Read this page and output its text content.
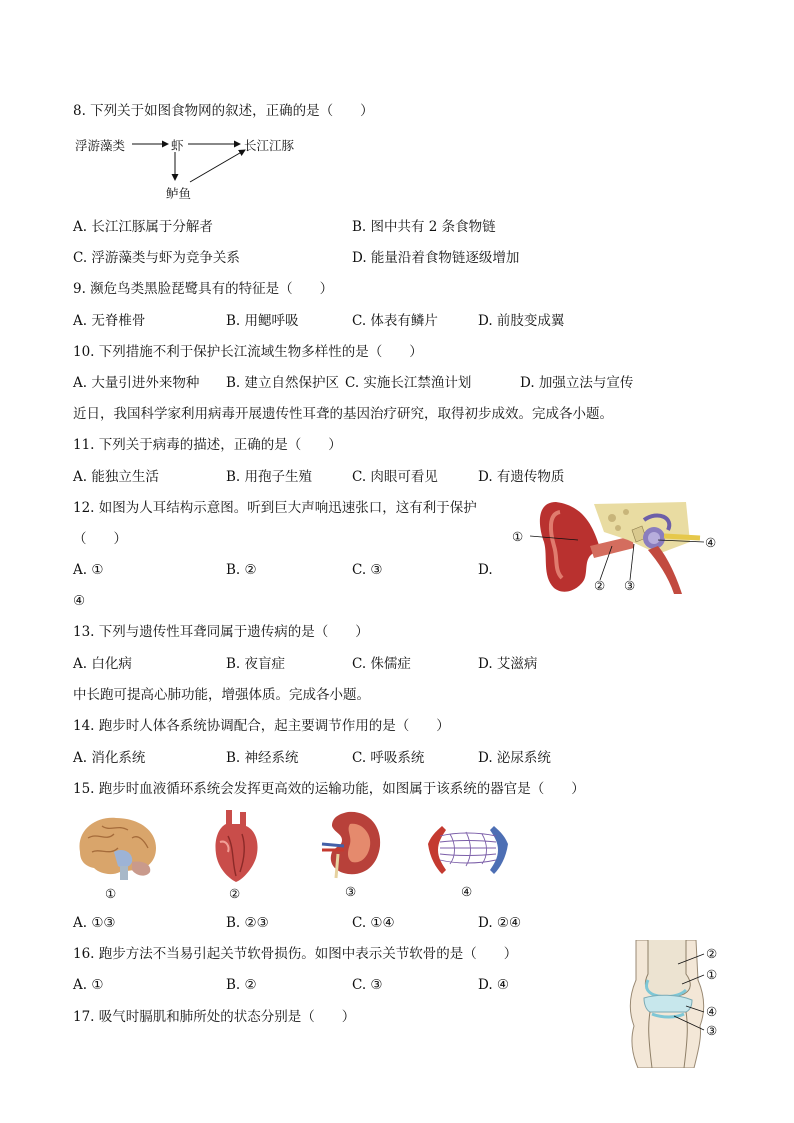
8. 下列关于如图食物网的叙述，正确的是（　　）
浮游藻类	虾	长江江豚
鲈鱼
A. 长江江豚属于分解者	B. 图中共有 2 条食物链
C. 浮游藻类与虾为竞争关系	D. 能量沿着食物链逐级增加
9. 濒危鸟类黑脸琵鹭具有的特征是（　　）
A. 无脊椎骨	B. 用鳃呼吸	C. 体表有鳞片	D. 前肢变成翼
10. 下列措施不利于保护长江流域生物多样性的是（　　）
A. 大量引进外来物种 B. 建立自然保护区 C. 实施长江禁渔计划	D. 加强立法与宣传
近日，我国科学家利用病毒开展遗传性耳聋的基因治疗研究，取得初步成效。完成各小题。
11. 下列关于病毒的描述，正确的是（　　）
A. 能独立生活	B. 用孢子生殖	C. 肉眼可看见	D. 有遗传物质
12. 如图为人耳结构示意图。听到巨大声响迅速张口，这有利于保护
（　　）
A. ①	B. ②	C. ③	D.
④
①
② ③
④
13. 下列与遗传性耳聋同属于遗传病的是（　　）
A. 白化病	B. 夜盲症	C. 侏儒症	D. 艾滋病
中长跑可提高心肺功能，增强体质。完成各小题。
14. 跑步时人体各系统协调配合，起主要调节作用的是（　　）
A. 消化系统	B. 神经系统	C. 呼吸系统	D. 泌尿系统
15. 跑步时血液循环系统会发挥更高效的运输功能，如图属于该系统的器官是（　　）
①	②	③	④
A. ①③	B. ②③	C. ①④	D. ②④
16. 跑步方法不当易引起关节软骨损伤。如图中表示关节软骨的是（　　）
A. ①	B. ②	C. ③	D. ④
②
①
④
③
17. 吸气时膈肌和肺所处的状态分别是（　　）
